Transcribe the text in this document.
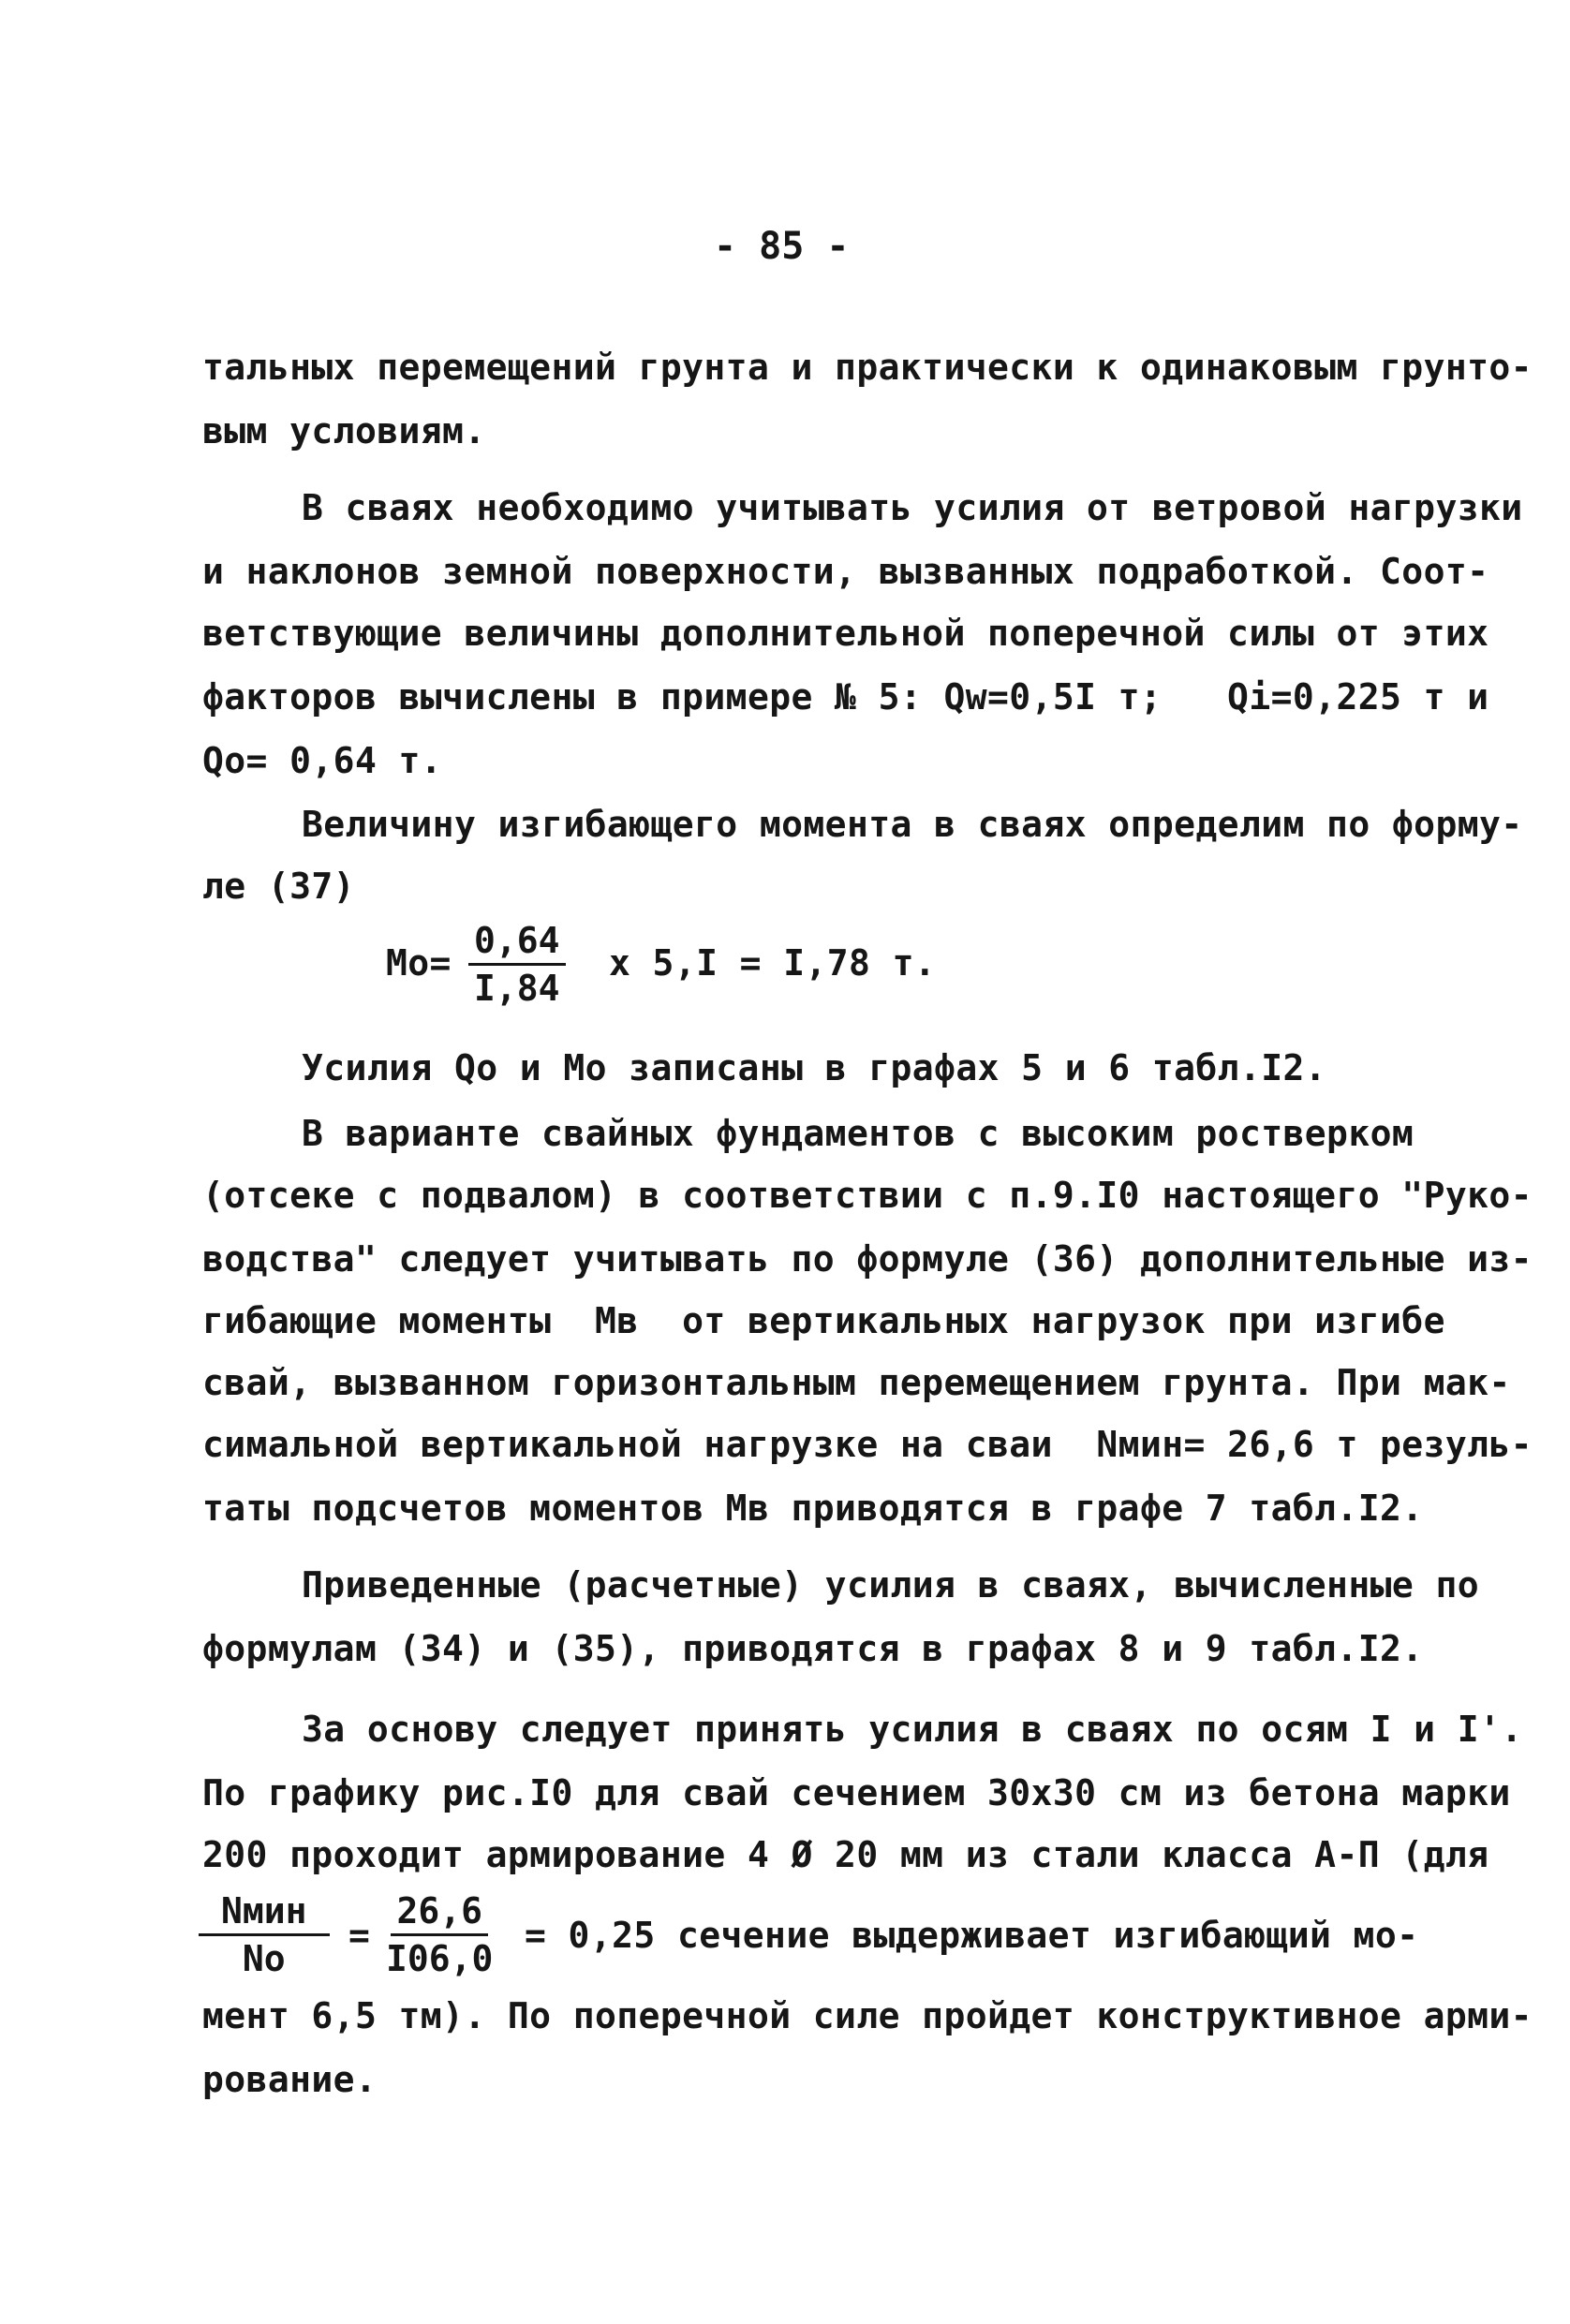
- 85 -
тальных перемещений грунта и практически к одинаковым грунто-
вым условиям.
В сваях необходимо учитывать усилия от ветровой нагрузки
и наклонов земной поверхности, вызванных подработкой. Соот-
ветствующие величины дополнительной поперечной силы от этих
факторов вычислены в примере № 5: Qw=0,5I т;   Qi=0,225 т и
Qo= 0,64 т.
Величину изгибающего момента в сваях определим по форму-
ле (37)
$Mo= \frac{0,64}{I,84}$ x 5,I = I,78 т.
Усилия Qo и Mo записаны в графах 5 и 6 табл.I2.
В варианте свайных фундаментов с высоким ростверком
(отсеке с подвалом) в соответствии с п.9.I0 настоящего "Руко-
водства" следует учитывать по формуле (36) дополнительные из-
гибающие моменты  Mв  от вертикальных нагрузок при изгибе
свай, вызванном горизонтальным перемещением грунта. При мак-
симальной вертикальной нагрузке на сваи  Nмин= 26,6 т резуль-
таты подсчетов моментов Mв приводятся в графе 7 табл.I2.
Приведенные (расчетные) усилия в сваях, вычисленные по
формулам (34) и (35), приводятся в графах 8 и 9 табл.I2.
За основу следует принять усилия в сваях по осям I и I'.
По графику рис.I0 для свай сечением 30х30 см из бетона марки
200 проходит армирование 4 Ø 20 мм из стали класса А-П (для
Nмин
No
= $\frac{26,6}{I06,0} = 0,25$ сечение выдерживает изгибающий мо-
мент 6,5 тм). По поперечной силе пройдет конструктивное арми-
рование.
